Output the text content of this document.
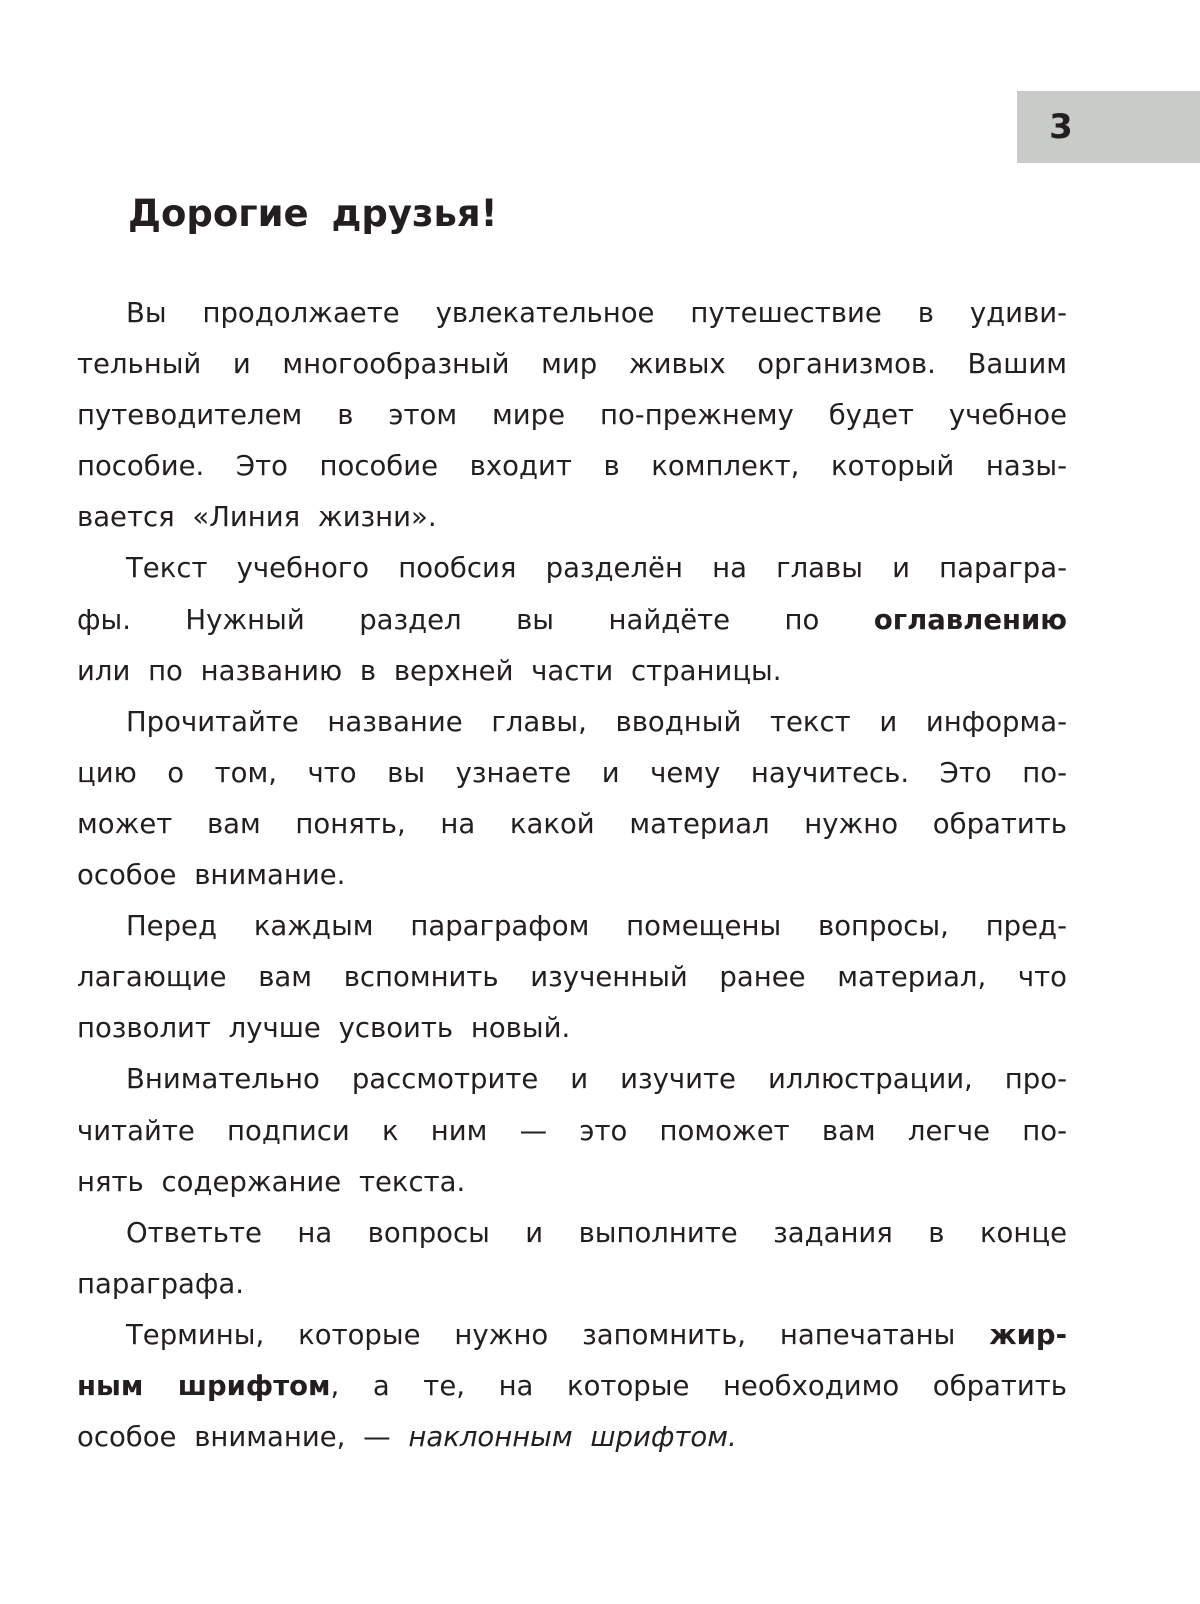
3
Дорогие друзья!
Вы продолжаете увлекательное путешествие в удиви-
тельный и многообразный мир живых организмов. Вашим
путеводителем в этом мире по-прежнему будет учебное
пособие. Это пособие входит в комплект, который назы-
вается «Линия жизни».
Текст учебного пообсия разделён на главы и паpагра-
фы. Нужный раздел вы найдёте по оглавлению
или по названию в верхней части страницы.
Прочитайте название главы, вводный текст и информа-
цию о том, что вы узнаете и чему научитесь. Это по-
может вам понять, на какой материал нужно обратить
особое внимание.
Перед каждым параграфом помещены вопросы, пред-
лагающие вам вспомнить изученный ранее материал, что
позволит лучше усвоить новый.
Внимательно рассмотрите и изучите иллюстрации, про-
читайте подписи к ним — это поможет вам легче по-
нять содержание текста.
Ответьте на вопросы и выполните задания в конце
параграфа.
Термины, которые нужно запомнить, напечатаны жир-
ным шрифтом, а те, на которые необходимо обратить
особое внимание, — наклонным шрифтом.
